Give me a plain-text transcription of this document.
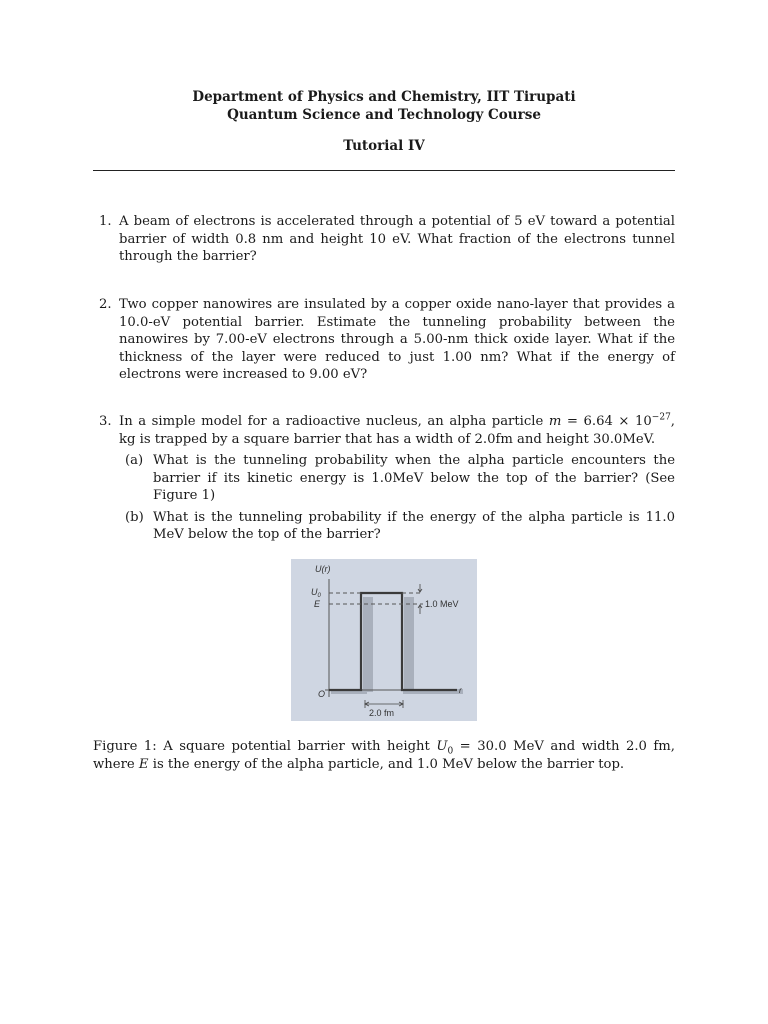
Department of Physics and Chemistry, IIT Tirupati
Quantum Science and Technology Course
Tutorial IV
1. A beam of electrons is accelerated through a potential of 5 eV toward a potential barrier of width 0.8 nm and height 10 eV. What fraction of the electrons tunnel through the barrier?
2. Two copper nanowires are insulated by a copper oxide nano-layer that provides a 10.0-eV potential barrier. Estimate the tunneling probability between the nanowires by 7.00-eV electrons through a 5.00-nm thick oxide layer. What if the thickness of the layer were reduced to just 1.00 nm? What if the energy of electrons were increased to 9.00 eV?
3. In a simple model for a radioactive nucleus, an alpha particle $m = 6.64 \times 10^{-27}$, kg is trapped by a square barrier that has a width of 2.0fm and height 30.0MeV.
(a) What is the tunneling probability when the alpha particle encounters the barrier if its kinetic energy is 1.0MeV below the top of the barrier? (See Figure 1)
(b) What is the tunneling probability if the energy of the alpha particle is 11.0 MeV below the top of the barrier?
U(r)
$U_0$
E
O	r
1.0 MeV
2.0 fm
Figure 1: A square potential barrier with height $U_0 = 30.0$ MeV and width 2.0 fm, where E is the energy of the alpha particle, and 1.0 MeV below the barrier top.
